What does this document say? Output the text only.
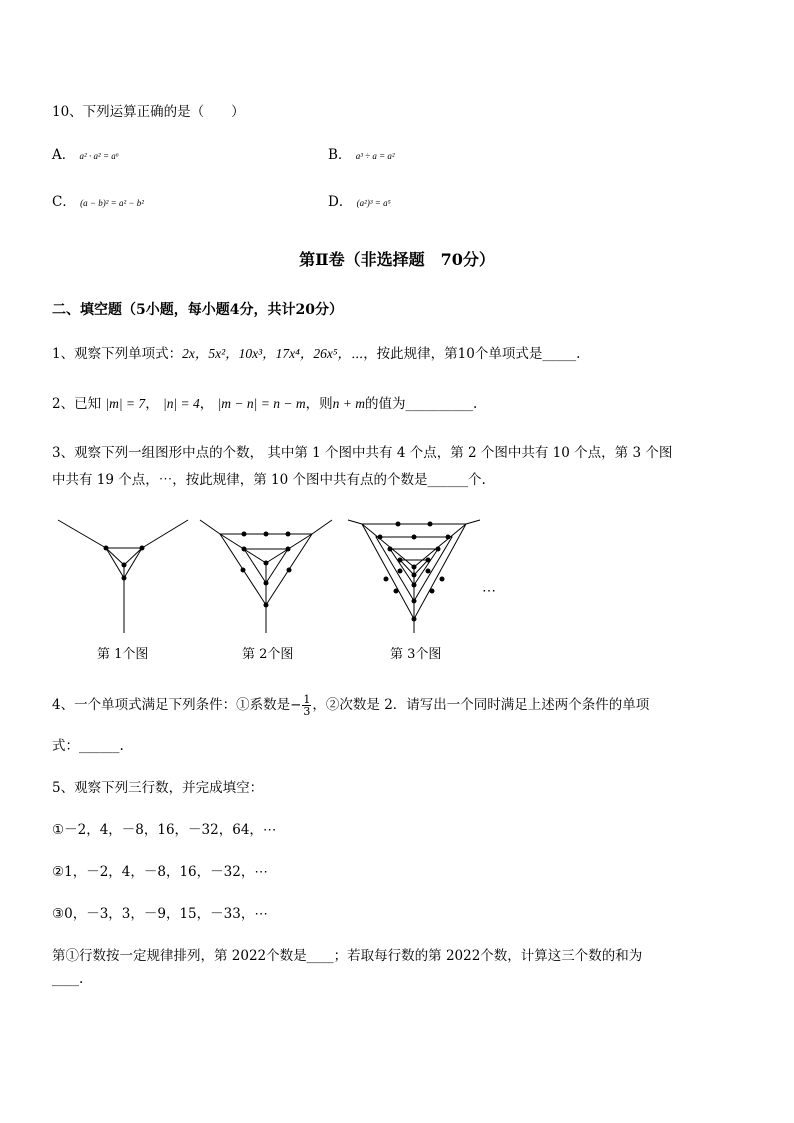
10、下列运算正确的是（　　）
A． a² · a² = a⁶	B． a³ ÷ a = a²
C． (a − b)² = a² − b²	D． (a²)³ = a⁵
第Ⅱ卷（非选择题　70分）
二、填空题（5小题，每小题4分，共计20分）
1、观察下列单项式：2x，5x²，10x³，17x⁴，26x⁵，⋯，按此规律，第10个单项式是_____.
2、已知 |m| = 7， |n| = 4， |m − n| = n − m，则n + m的值为__________.
3、观察下列一组图形中点的个数， 其中第 1 个图中共有 4 个点，第 2 个图中共有 10 个点，第 3 个图
中共有 19 个点，⋯，按此规律，第 10 个图中共有点的个数是______个.
⋯
第 1个图	第 2个图	第 3个图
4、一个单项式满足下列条件：①系数是− $\frac{1}{3}$ ，②次数是 2．请写出一个同时满足上述两个条件的单项
式：______.
5、观察下列三行数，并完成填空：
①－2，4，－8，16，－32，64，⋯
②1，－2，4，－8，16，－32，⋯
③0，－3，3，－9，15，－33，⋯
第①行数按一定规律排列，第 2022个数是____；若取每行数的第 2022个数，计算这三个数的和为
____.
